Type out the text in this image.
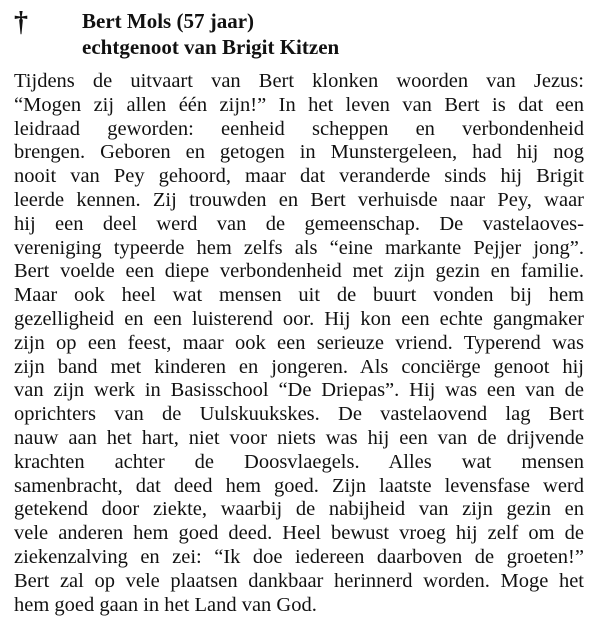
†	Bert Mols (57 jaar)
echtgenoot van Brigit Kitzen
Tijdens de uitvaart van Bert klonken woorden van Jezus:
“Mogen zij allen één zijn!” In het leven van Bert is dat een
leidraad geworden: eenheid scheppen en verbondenheid
brengen. Geboren en getogen in Munstergeleen, had hij nog
nooit van Pey gehoord, maar dat veranderde sinds hij Brigit
leerde kennen. Zij trouwden en Bert verhuisde naar Pey, waar
hij een deel werd van de gemeenschap. De vastelaoves-
vereniging typeerde hem zelfs als “eine markante Pejjer jong”.
Bert voelde een diepe verbondenheid met zijn gezin en familie.
Maar ook heel wat mensen uit de buurt vonden bij hem
gezelligheid en een luisterend oor. Hij kon een echte gangmaker
zijn op een feest, maar ook een serieuze vriend. Typerend was
zijn band met kinderen en jongeren. Als conciërge genoot hij
van zijn werk in Basisschool “De Driepas”. Hij was een van de
oprichters van de Uulskuukskes. De vastelaovend lag Bert
nauw aan het hart, niet voor niets was hij een van de drijvende
krachten achter de Doosvlaegels. Alles wat mensen
samenbracht, dat deed hem goed. Zijn laatste levensfase werd
getekend door ziekte, waarbij de nabijheid van zijn gezin en
vele anderen hem goed deed. Heel bewust vroeg hij zelf om de
ziekenzalving en zei: “Ik doe iedereen daarboven de groeten!”
Bert zal op vele plaatsen dankbaar herinnerd worden. Moge het
hem goed gaan in het Land van God.
